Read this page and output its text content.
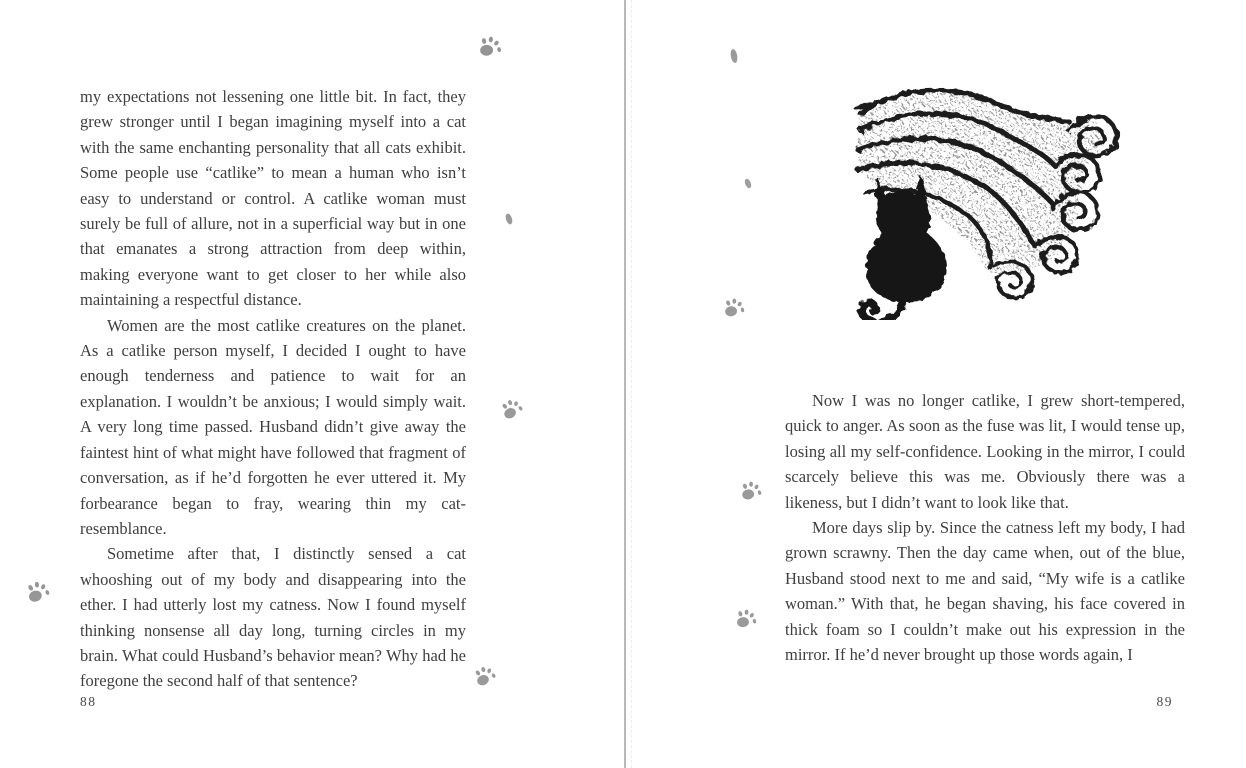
my expectations not lessening one little bit. In fact, they grew stronger until I began imagining myself into a cat with the same enchanting personality that all cats exhibit. Some people use “catlike” to mean a human who isn’t easy to understand or control. A catlike woman must surely be full of allure, not in a superficial way but in one that emanates a strong attraction from deep within, making everyone want to get closer to her while also maintaining a respectful distance.

Women are the most catlike creatures on the planet. As a catlike person myself, I decided I ought to have enough tenderness and patience to wait for an explanation. I wouldn’t be anxious; I would simply wait. A very long time passed. Husband didn’t give away the faintest hint of what might have followed that fragment of conversation, as if he’d forgotten he ever uttered it. My forbearance began to fray, wearing thin my cat-resemblance.

Sometime after that, I distinctly sensed a cat whooshing out of my body and disappearing into the ether. I had utterly lost my catness. Now I found myself thinking nonsense all day long, turning circles in my brain. What could Husband’s behavior mean? Why had he foregone the second half of that sentence?

88

Now I was no longer catlike, I grew short-tempered, quick to anger. As soon as the fuse was lit, I would tense up, losing all my self-confidence. Looking in the mirror, I could scarcely believe this was me. Obviously there was a likeness, but I didn’t want to look like that.

More days slip by. Since the catness left my body, I had grown scrawny. Then the day came when, out of the blue, Husband stood next to me and said, “My wife is a catlike woman.” With that, he began shaving, his face covered in thick foam so I couldn’t make out his expression in the mirror. If he’d never brought up those words again, I

89
